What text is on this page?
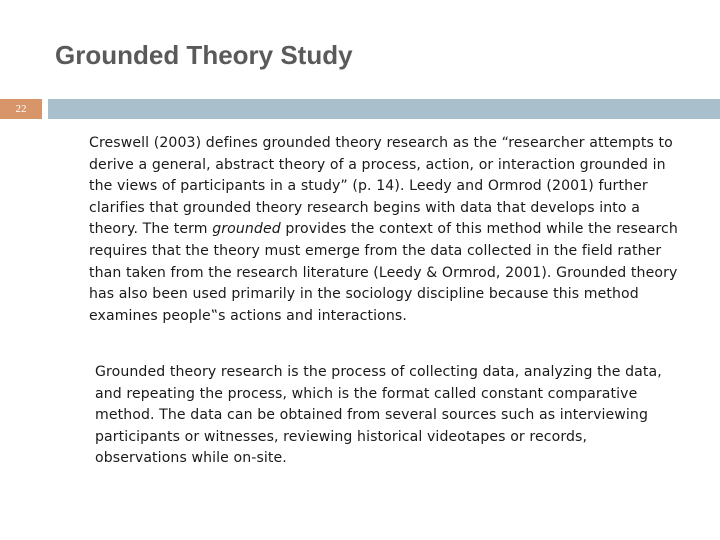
Grounded Theory Study
22

Creswell (2003) defines grounded theory research as the “researcher attempts to derive a general, abstract theory of a process, action, or interaction grounded in the views of participants in a study” (p. 14). Leedy and Ormrod (2001) further clarifies that grounded theory research begins with data that develops into a theory. The term grounded provides the context of this method while the research requires that the theory must emerge from the data collected in the field rather than taken from the research literature (Leedy & Ormrod, 2001). Grounded theory has also been used primarily in the sociology discipline because this method examines people‟s actions and interactions.

Grounded theory research is the process of collecting data, analyzing the data, and repeating the process, which is the format called constant comparative method. The data can be obtained from several sources such as interviewing participants or witnesses, reviewing historical videotapes or records, observations while on-site.
